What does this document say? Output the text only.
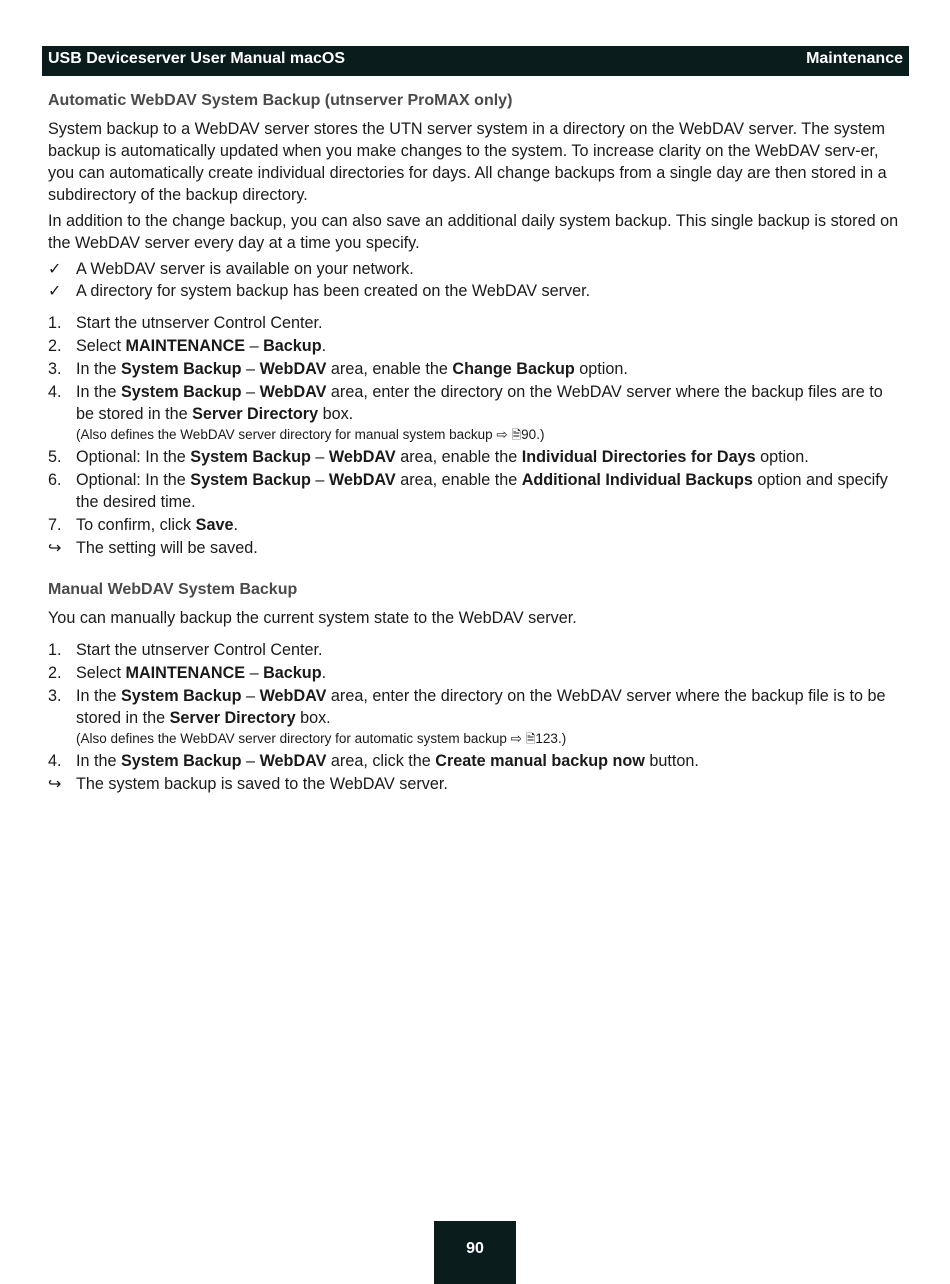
USB Deviceserver User Manual macOS	Maintenance
Automatic WebDAV System Backup (utnserver ProMAX only)

System backup to a WebDAV server stores the UTN server system in a directory on the WebDAV server. The system backup is automatically updated when you make changes to the system. To increase clarity on the WebDAV serv-er, you can automatically create individual directories for days. All change backups from a single day are then stored in a subdirectory of the backup directory.

In addition to the change backup, you can also save an additional daily system backup. This single backup is stored on the WebDAV server every day at a time you specify.

✓ A WebDAV server is available on your network.
✓ A directory for system backup has been created on the WebDAV server.
1. Start the utnserver Control Center.
2. Select MAINTENANCE – Backup.
3. In the System Backup – WebDAV area, enable the Change Backup option.
4. In the System Backup – WebDAV area, enter the directory on the WebDAV server where the backup files are to be stored in the Server Directory box.
(Also defines the WebDAV server directory for manual system backup ⇨ 🗎90.)
5. Optional: In the System Backup – WebDAV area, enable the Individual Directories for Days option.
6. Optional: In the System Backup – WebDAV area, enable the Additional Individual Backups option and specify the desired time.
7. To confirm, click Save.
↪ The setting will be saved.
Manual WebDAV System Backup

You can manually backup the current system state to the WebDAV server.

1. Start the utnserver Control Center.
2. Select MAINTENANCE – Backup.
3. In the System Backup – WebDAV area, enter the directory on the WebDAV server where the backup file is to be stored in the Server Directory box.
(Also defines the WebDAV server directory for automatic system backup ⇨ 🗎123.)
4. In the System Backup – WebDAV area, click the Create manual backup now button.
↪ The system backup is saved to the WebDAV server.
90
